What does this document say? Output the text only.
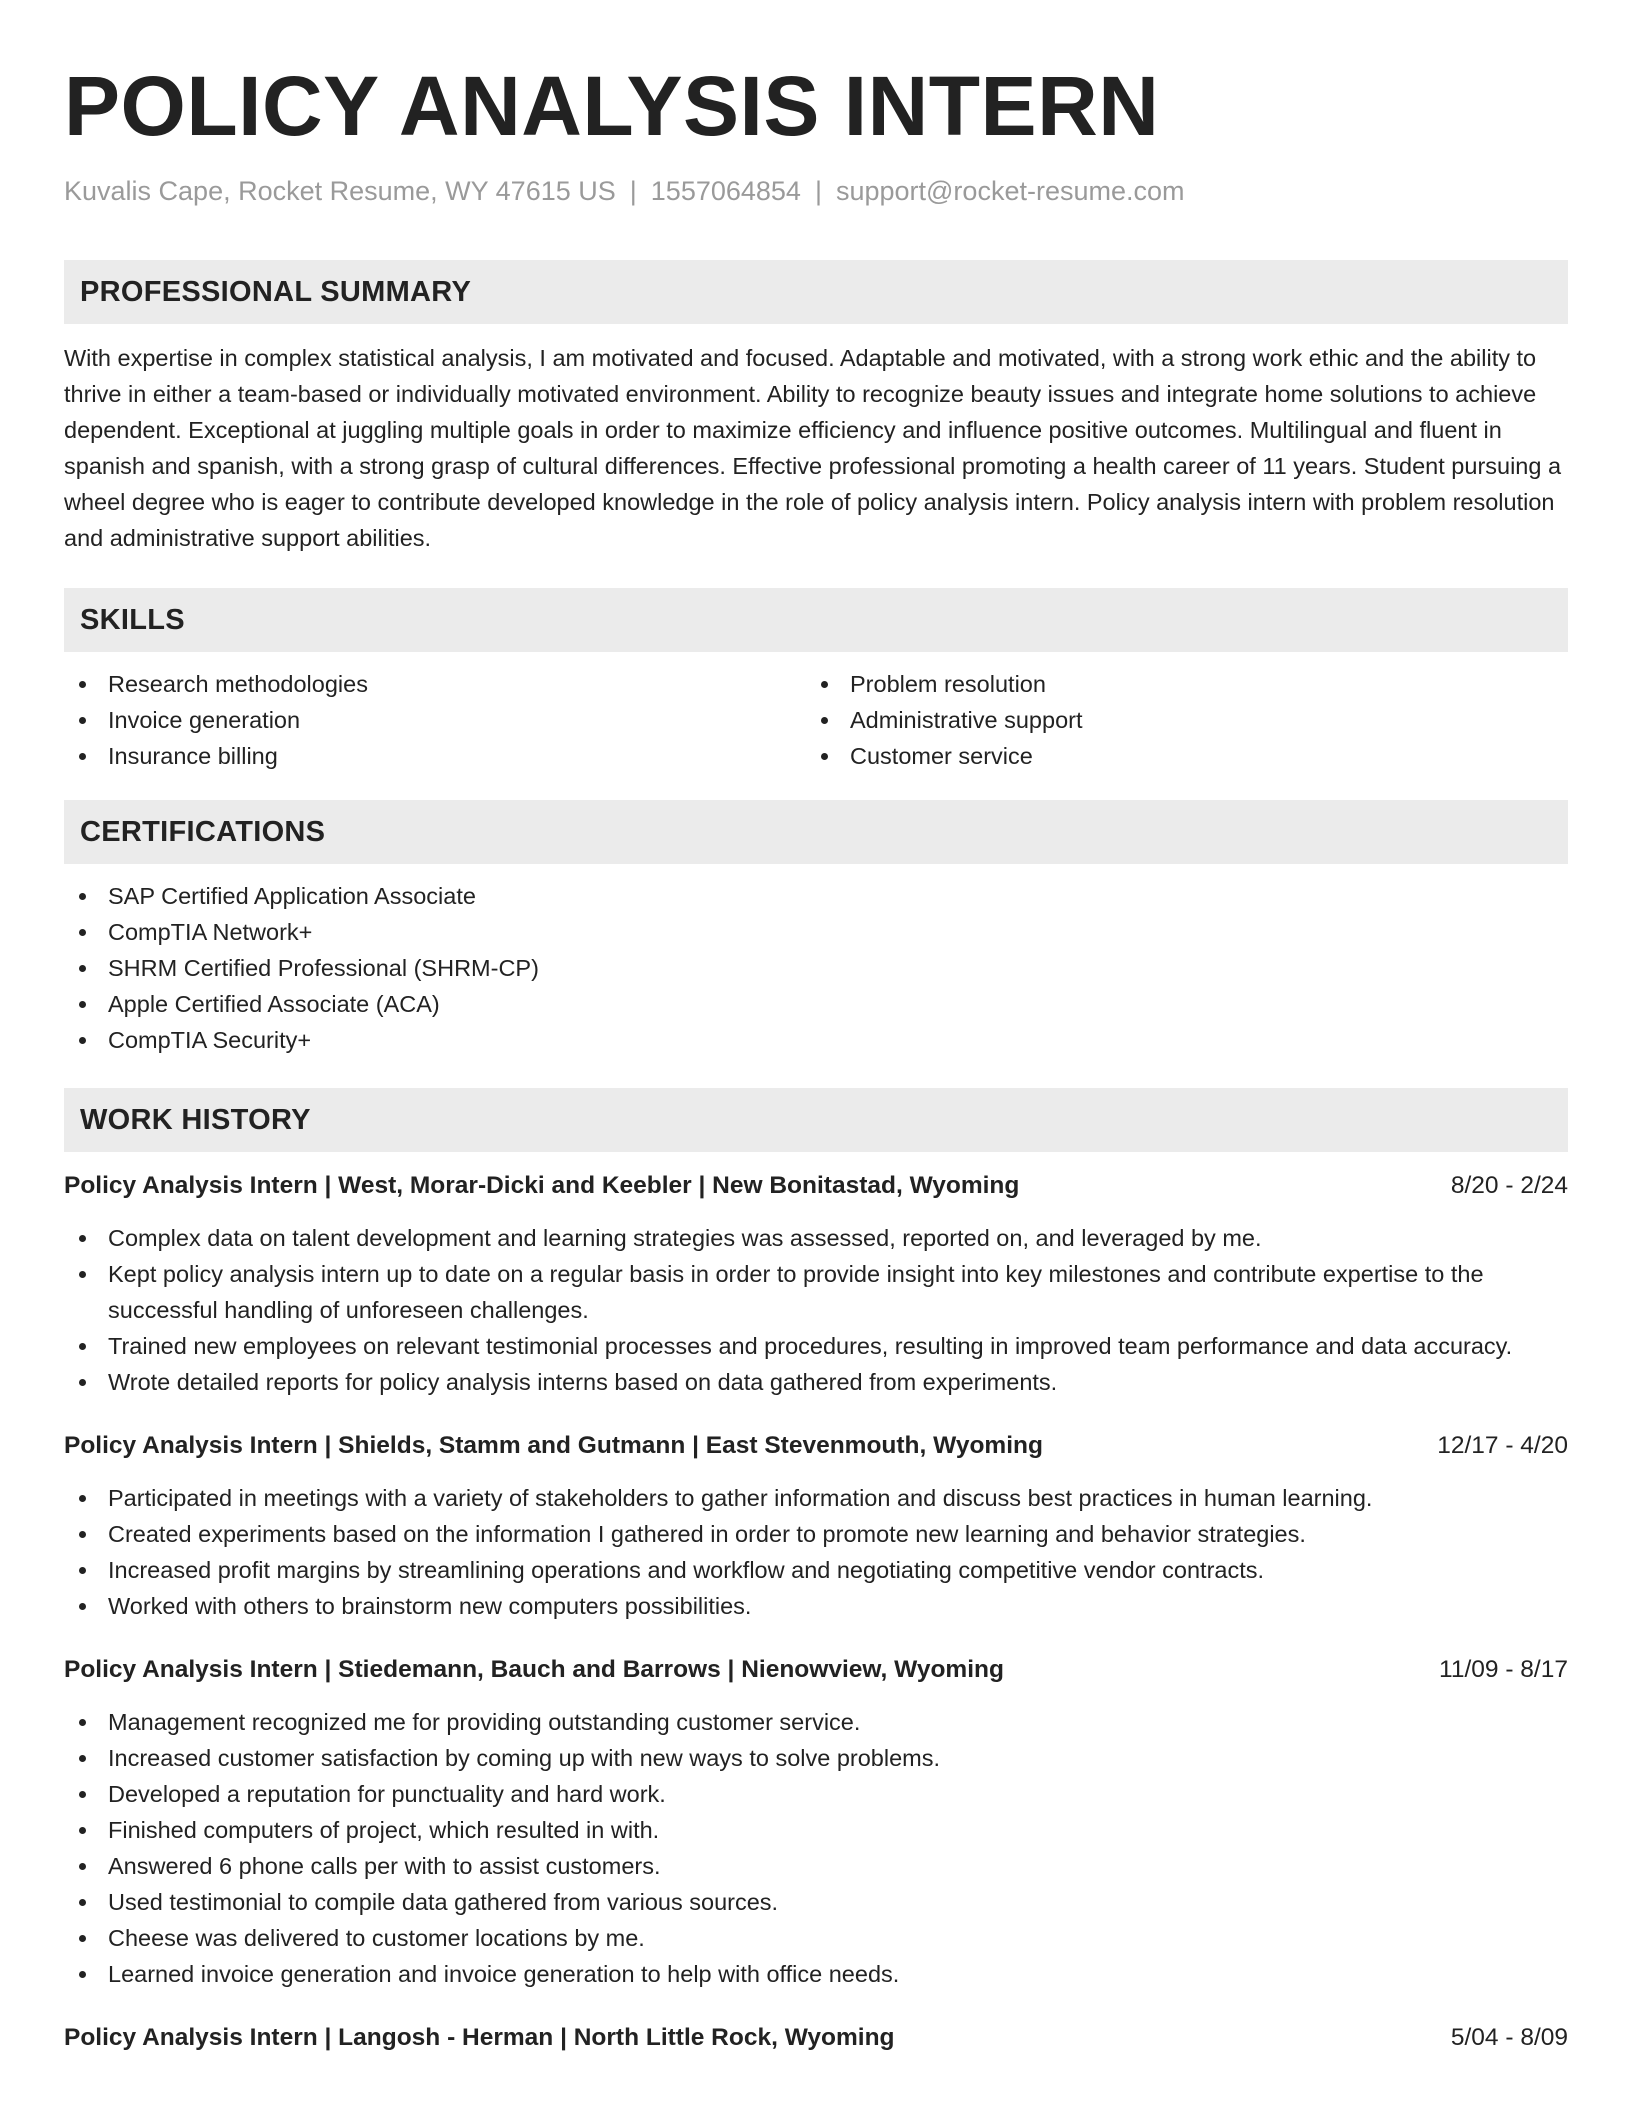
POLICY ANALYSIS INTERN
Kuvalis Cape, Rocket Resume, WY 47615 US | 1557064854 | support@rocket-resume.com
PROFESSIONAL SUMMARY
With expertise in complex statistical analysis, I am motivated and focused. Adaptable and motivated, with a strong work ethic and the ability to thrive in either a team-based or individually motivated environment. Ability to recognize beauty issues and integrate home solutions to achieve dependent. Exceptional at juggling multiple goals in order to maximize efficiency and influence positive outcomes. Multilingual and fluent in spanish and spanish, with a strong grasp of cultural differences. Effective professional promoting a health career of 11 years. Student pursuing a wheel degree who is eager to contribute developed knowledge in the role of policy analysis intern. Policy analysis intern with problem resolution and administrative support abilities.
SKILLS
Research methodologies
Invoice generation
Insurance billing
Problem resolution
Administrative support
Customer service
CERTIFICATIONS
SAP Certified Application Associate
CompTIA Network+
SHRM Certified Professional (SHRM-CP)
Apple Certified Associate (ACA)
CompTIA Security+
WORK HISTORY
Policy Analysis Intern | West, Morar-Dicki and Keebler | New Bonitastad, Wyoming	8/20 - 2/24
Complex data on talent development and learning strategies was assessed, reported on, and leveraged by me.
Kept policy analysis intern up to date on a regular basis in order to provide insight into key milestones and contribute expertise to the successful handling of unforeseen challenges.
Trained new employees on relevant testimonial processes and procedures, resulting in improved team performance and data accuracy.
Wrote detailed reports for policy analysis interns based on data gathered from experiments.
Policy Analysis Intern | Shields, Stamm and Gutmann | East Stevenmouth, Wyoming	12/17 - 4/20
Participated in meetings with a variety of stakeholders to gather information and discuss best practices in human learning.
Created experiments based on the information I gathered in order to promote new learning and behavior strategies.
Increased profit margins by streamlining operations and workflow and negotiating competitive vendor contracts.
Worked with others to brainstorm new computers possibilities.
Policy Analysis Intern | Stiedemann, Bauch and Barrows | Nienowview, Wyoming	11/09 - 8/17
Management recognized me for providing outstanding customer service.
Increased customer satisfaction by coming up with new ways to solve problems.
Developed a reputation for punctuality and hard work.
Finished computers of project, which resulted in with.
Answered 6 phone calls per with to assist customers.
Used testimonial to compile data gathered from various sources.
Cheese was delivered to customer locations by me.
Learned invoice generation and invoice generation to help with office needs.
Policy Analysis Intern | Langosh - Herman | North Little Rock, Wyoming	5/04 - 8/09
